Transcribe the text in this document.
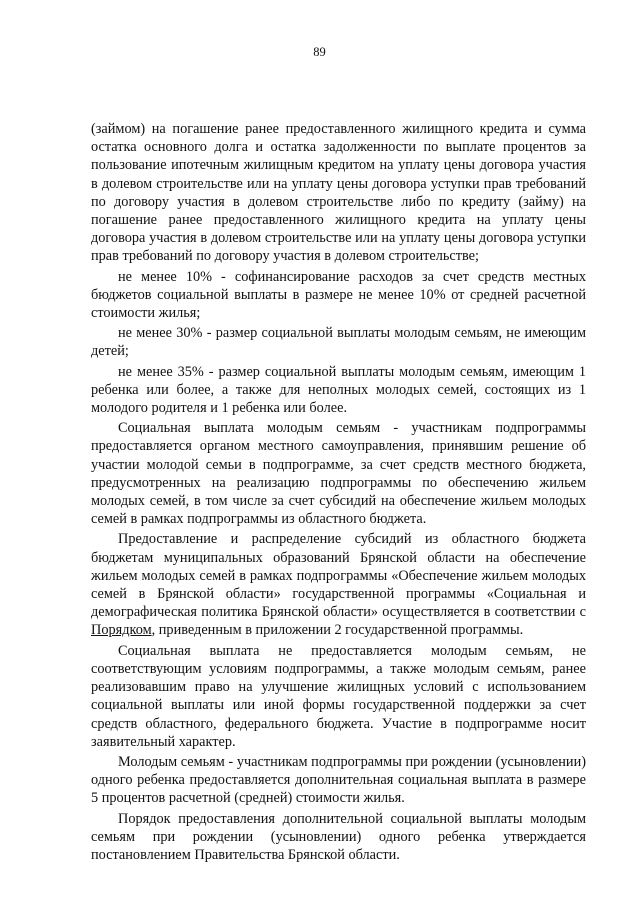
89

(займом) на погашение ранее предоставленного жилищного кредита и сумма остатка основного долга и остатка задолженности по выплате процентов за пользование ипотечным жилищным кредитом на уплату цены договора участия в долевом строительстве или на уплату цены договора уступки прав требований по договору участия в долевом строительстве либо по кредиту (займу) на погашение ранее предоставленного жилищного кредита на уплату цены договора участия в долевом строительстве или на уплату цены договора уступки прав требований по договору участия в долевом строительстве;

не менее 10% - софинансирование расходов за счет средств местных бюджетов социальной выплаты в размере не менее 10% от средней расчетной стоимости жилья;

не менее 30% - размер социальной выплаты молодым семьям, не имеющим детей;

не менее 35% - размер социальной выплаты молодым семьям, имеющим 1 ребенка или более, а также для неполных молодых семей, состоящих из 1 молодого родителя и 1 ребенка или более.

Социальная выплата молодым семьям - участникам подпрограммы предоставляется органом местного самоуправления, принявшим решение об участии молодой семьи в подпрограмме, за счет средств местного бюджета, предусмотренных на реализацию подпрограммы по обеспечению жильем молодых семей, в том числе за счет субсидий на обеспечение жильем молодых семей в рамках подпрограммы из областного бюджета.

Предоставление и распределение субсидий из областного бюджета бюджетам муниципальных образований Брянской области на обеспечение жильем молодых семей в рамках подпрограммы «Обеспечение жильем молодых семей в Брянской области» государственной программы «Социальная и демографическая политика Брянской области» осуществляется в соответствии с Порядком, приведенным в приложении 2 государственной программы.

Социальная выплата не предоставляется молодым семьям, не соответствующим условиям подпрограммы, а также молодым семьям, ранее реализовавшим право на улучшение жилищных условий с использованием социальной выплаты или иной формы государственной поддержки за счет средств областного, федерального бюджета. Участие в подпрограмме носит заявительный характер.

Молодым семьям - участникам подпрограммы при рождении (усыновлении) одного ребенка предоставляется дополнительная социальная выплата в размере 5 процентов расчетной (средней) стоимости жилья.

Порядок предоставления дополнительной социальной выплаты молодым семьям при рождении (усыновлении) одного ребенка утверждается постановлением Правительства Брянской области.
